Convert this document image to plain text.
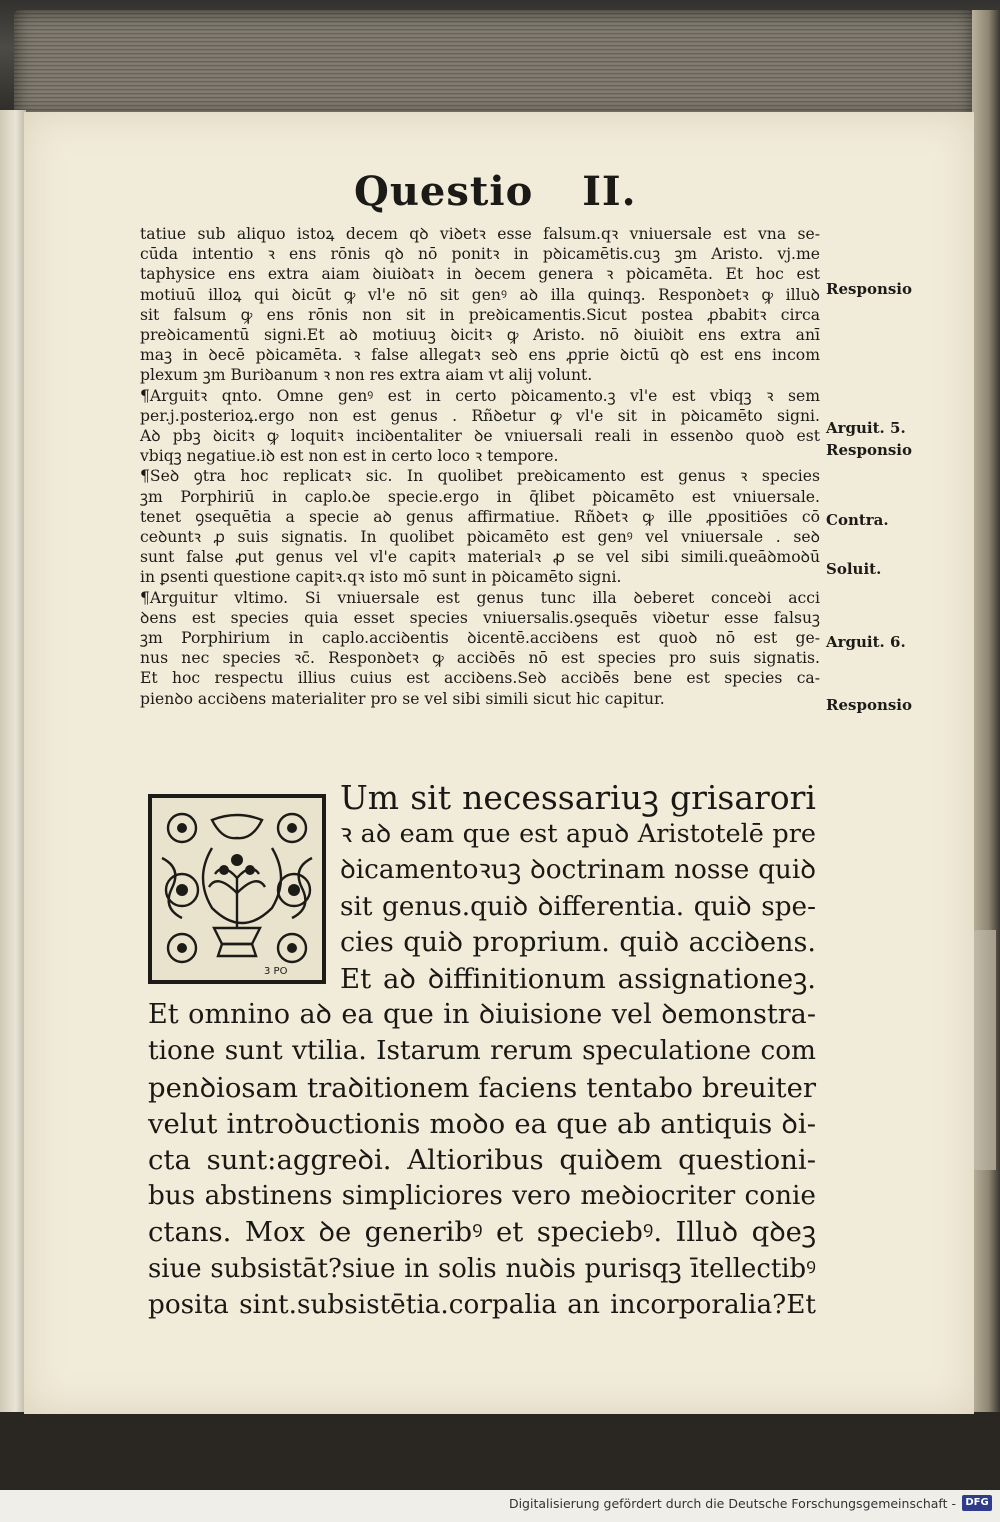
Questio II.
tatiue sub aliquo istoꝝ decem qꝺ viꝺetꝛ esse falsum.qꝛ vniuersale est vna se-
cūda intentio ꝛ ens rōnis qꝺ nō ponitꝛ in pꝺicamētis.cuꝫ ꝫm Aristo. vj.me
taphysice ens extra aiam ꝺiuiꝺatꝛ in ꝺecem genera ꝛ pꝺicamēta. Et hoc est
motiuū illoꝝ qui ꝺicūt ꝙ vl'e nō sit genꝰ aꝺ illa quinqꝫ. Responꝺetꝛ ꝙ illuꝺ
sit falsum ꝙ ens rōnis non sit in preꝺicamentis.Sicut postea ꝓbabitꝛ circa
preꝺicamentū signi.Et aꝺ motiuuꝫ ꝺicitꝛ ꝙ Aristo. nō ꝺiuiꝺit ens extra anī
maꝫ in ꝺecē pꝺicamēta. ꝛ false allegatꝛ seꝺ ens ꝓprie ꝺictū qꝺ est ens incom
plexum ꝫm Buriꝺanum ꝛ non res extra aiam vt alij volunt.
¶Arguitꝛ qnto. Omne genꝰ est in certo pꝺicamento.ꝫ vl'e est vbiqꝫ ꝛ sem
per.j.posterioꝝ.ergo non est genus . Rñꝺetur ꝙ vl'e sit in pꝺicamēto signi.
Aꝺ pbꝫ ꝺicitꝛ ꝙ loquitꝛ inciꝺentaliter ꝺe vniuersali reali in essenꝺo quoꝺ est
vbiqꝫ negatiue.iꝺ est non est in certo loco ꝛ tempore.
¶Seꝺ ꝯtra hoc replicatꝛ sic. In quolibet preꝺicamento est genus ꝛ species
ꝫm Porphiriū in caplo.ꝺe specie.ergo in q̄libet pꝺicamēto est vniuersale.
tenet ꝯsequētia a specie aꝺ genus affirmatiue. Rñꝺetꝛ ꝙ ille ꝓpositiōes cō
ceꝺuntꝛ ꝓ suis signatis. In quolibet pꝺicamēto est genꝰ vel vniuersale . seꝺ
sunt false ꝓut genus vel vl'e capitꝛ materialꝛ ꝓ se vel sibi simili.queāꝺmoꝺū
in ꝑsenti questione capitꝛ.qꝛ isto mō sunt in pꝺicamēto signi.
¶Arguitur vltimo. Si vniuersale est genus tunc illa ꝺeberet conceꝺi acci
ꝺens est species quia esset species vniuersalis.ꝯsequēs viꝺetur esse falsuꝫ
ꝫm Porphirium in caplo.acciꝺentis ꝺicentē.acciꝺens est quoꝺ nō est ge-
nus nec species ꝛc̄. Responꝺetꝛ ꝙ acciꝺēs nō est species pro suis signatis.
Et hoc respectu illius cuius est acciꝺens.Seꝺ acciꝺēs bene est species ca-
pienꝺo acciꝺens materialiter pro se vel sibi simili sicut hic capitur.
Responsio
Arguit. 5.
Responsio
Contra.
Soluit.
Arguit. 6.
Responsio
3 PO
Um sit necessariuꝫ grisarori
ꝛ aꝺ eam que est apuꝺ Aristotelē pre
ꝺicamentoꝛuꝫ ꝺoctrinam nosse quiꝺ
sit genus.quiꝺ ꝺifferentia. quiꝺ spe-
cies quiꝺ proprium. quiꝺ acciꝺens.
Et aꝺ ꝺiffinitionum assignationeꝫ.
Et omnino aꝺ ea que in ꝺiuisione vel ꝺemonstra-
tione sunt vtilia. Istarum rerum speculatione com
penꝺiosam traꝺitionem faciens tentabo breuiter
velut introꝺuctionis moꝺo ea que ab antiquis ꝺi-
cta sunt:aggreꝺi. Altioribus quiꝺem questioni-
bus abstinens simpliciores vero meꝺiocriter conie
ctans. Mox ꝺe generibꝰ et speciebꝰ. Illuꝺ qꝺeꝫ
siue subsistāt?siue in solis nuꝺis purisqꝫ ītellectibꝰ
posita sint.subsistētia.corpalia an incorporalia?Et
Digitalisierung gefördert durch die Deutsche Forschungsgemeinschaft - DFG
